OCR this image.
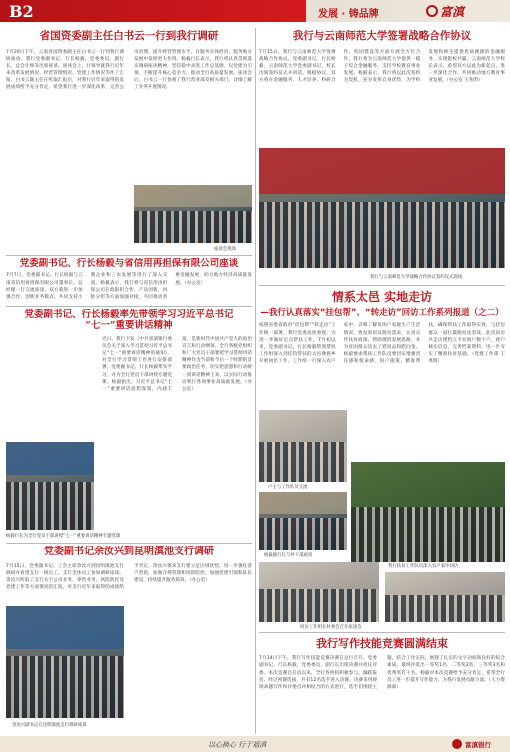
B2	发展 · 铸品牌	富滇
省国资委副主任白书云一行到我行调研
7月20日下午，云南省国资委副主任白书云一行到我行调研座谈。我行党委副书记、行长杨毅，党委委员、副行长、总会计师等出席座谈。座谈会上，行领导就我行近年来改革发展情况、经营管理情况、党建工作情况等作了汇报。白书云副主任在听取汇报后，对我行近年来取得的发展成绩给予充分肯定，希望我行进一步深化改革，完善公司治理，提升经营管理水平，在服务实体经济、服务地方发展中发挥更大作用。杨毅行长表示，我行将认真贯彻落实调研座谈精神，坚持稳中求进工作总基调，以党建为引领，不断提升核心竞争力，推动全行高质量发展。座谈会后，白书云一行参观了我行营业部及相关部门，详细了解了业务开展情况。
座谈会现场
我行与云南师范大学签署战略合作协议
7月15日，我行与云南师范大学签署战略合作协议。党委副书记、行长杨毅，云南师范大学党委副书记、校长出席签约仪式并讲话。根据协议，双方将在金融服务、人才培养、科研合作、校园建设等方面开展全方位合作，我行将为云南师范大学提供一揽子综合金融服务，支持学校教育事业发展。杨毅表示，我行将以此次签约为契机，充分发挥自身优势，为学校发展和师生提供优质便捷的金融服务，实现银校共赢。云南师范大学校长表示，希望双方以此为新起点，进一步深化合作，共同推动地方教育事业发展。（办公室 王兆明）
我行与云南师范大学战略合作协议签约仪式现场
党委副书记、行长杨毅与省信用再担保有限公司座谈
7月7日，党委副书记、行长杨毅与云南省信用再担保有限公司董事长、总经理一行交流座谈。双方就进一步加强合作、创新业务模式、共同支持小微企业和三农发展等进行了深入交流。杨毅表示，我行将与省信用再担保公司在政银担合作、产品创新、风险分担等方面加强对接，共同推动普惠金融发展，助力地方经济高质量发展。（办公室）
党委副书记、行长杨毅率先带领学习习近平总书记
“七一”重要讲话精神
近日，我行下发《中共富滇银行委员会关于深入学习贯彻习近平总书记“七一”重要讲话精神的通知》，对全行学习贯彻工作进行安排部署。党委副书记、行长杨毅带头学习，并为全行党员干部讲授专题党课。杨毅指出，习近平总书记“七一”重要讲话思想深邃、内涵丰富，是新时代中国共产党人的政治宣言和行动纲领。全行各级党组织和广大党员干部要把学习贯彻讲话精神作为当前和今后一个时期的首要政治任务，切实把思想和行动统一到讲话精神上来，以实际行动推动我行各项事业高质量发展。（办公室）
杨毅行长为全行党员干部讲授“七一”重要讲话精神专题党课
情系太邑 实地走访
—我行认真落实“挂包帮”、“转走访”回访工作系列报道（之二）
按照省委省政府“挂包帮”“转走访”工作统一部署，我行党委高度重视，为进一步做好定点帮扶工作，7月初以来，党委副书记、行长杨毅带领帮扶工作组深入到挂钩帮扶的太邑彝族乡开展回访工作。工作组一行深入农户家中，详细了解贫困户家庭生产生活情况、致贫原因及脱贫需求，认真宣传扶贫政策，帮助理清发展思路，并为贫困群众送去了慰问品和慰问金。杨毅要求帮扶工作队员要切实增强责任感和使命感，因户施策、精准帮扶，确保帮扶工作取得实效，与挂包群众一道打赢脱贫攻坚战。此次回访共走访建档立卡贫困户数十户，逐户核实信息、完善档案资料，进一步夯实了精准扶贫基础。（党群工作部 王兆明）
户主与工作队员交流
杨毅副行长与村干部座谈
我行扶贫工作队员深入农户家中回访
回访工作组在村委会召开座谈会
党委副书记余汝兴到昆明滇池支行调研
7月15日，党委副书记、工会主席余汝兴到昆明滇池支行调研并看望支行一线员工。支行全体员工参加调研座谈。余汝兴听取了支行关于公司业务、零售业务、风险防控及党建工作等方面情况的汇报，对支行近年来取得的成绩给予肯定。余汝兴要求支行要立足区域优势，进一步强化客户营销，加强合规管理和风险防控，加强党建引领和队伍建设，持续提升服务质效。（办公室）
余汝兴副书记在昆明滇池支行调研座谈
我行写作技能竞赛圆满结束
7月14日下午，我行写作技能竞赛决赛在总行召开。党委副书记、行长杨毅，党委委员、副行长出席决赛并担任评委。本次竞赛自启动以来，全行各机构积极参与、踊跃报名，经过初赛选拔，共有12名选手进入决赛。决赛采用现场命题写作和评委点评相结合的方式进行，选手们围绕主题，结合工作实际，展现了扎实的文字功底和良好的综合素质。最终评选出一等奖1名、二等奖2名、三等奖3名和优秀奖若干名。杨毅对本次竞赛给予充分肯定，希望全行员工进一步提升写作能力，为我行发展贡献力量。（人力资源部）
以心换心 行于福滇	富滇银行
